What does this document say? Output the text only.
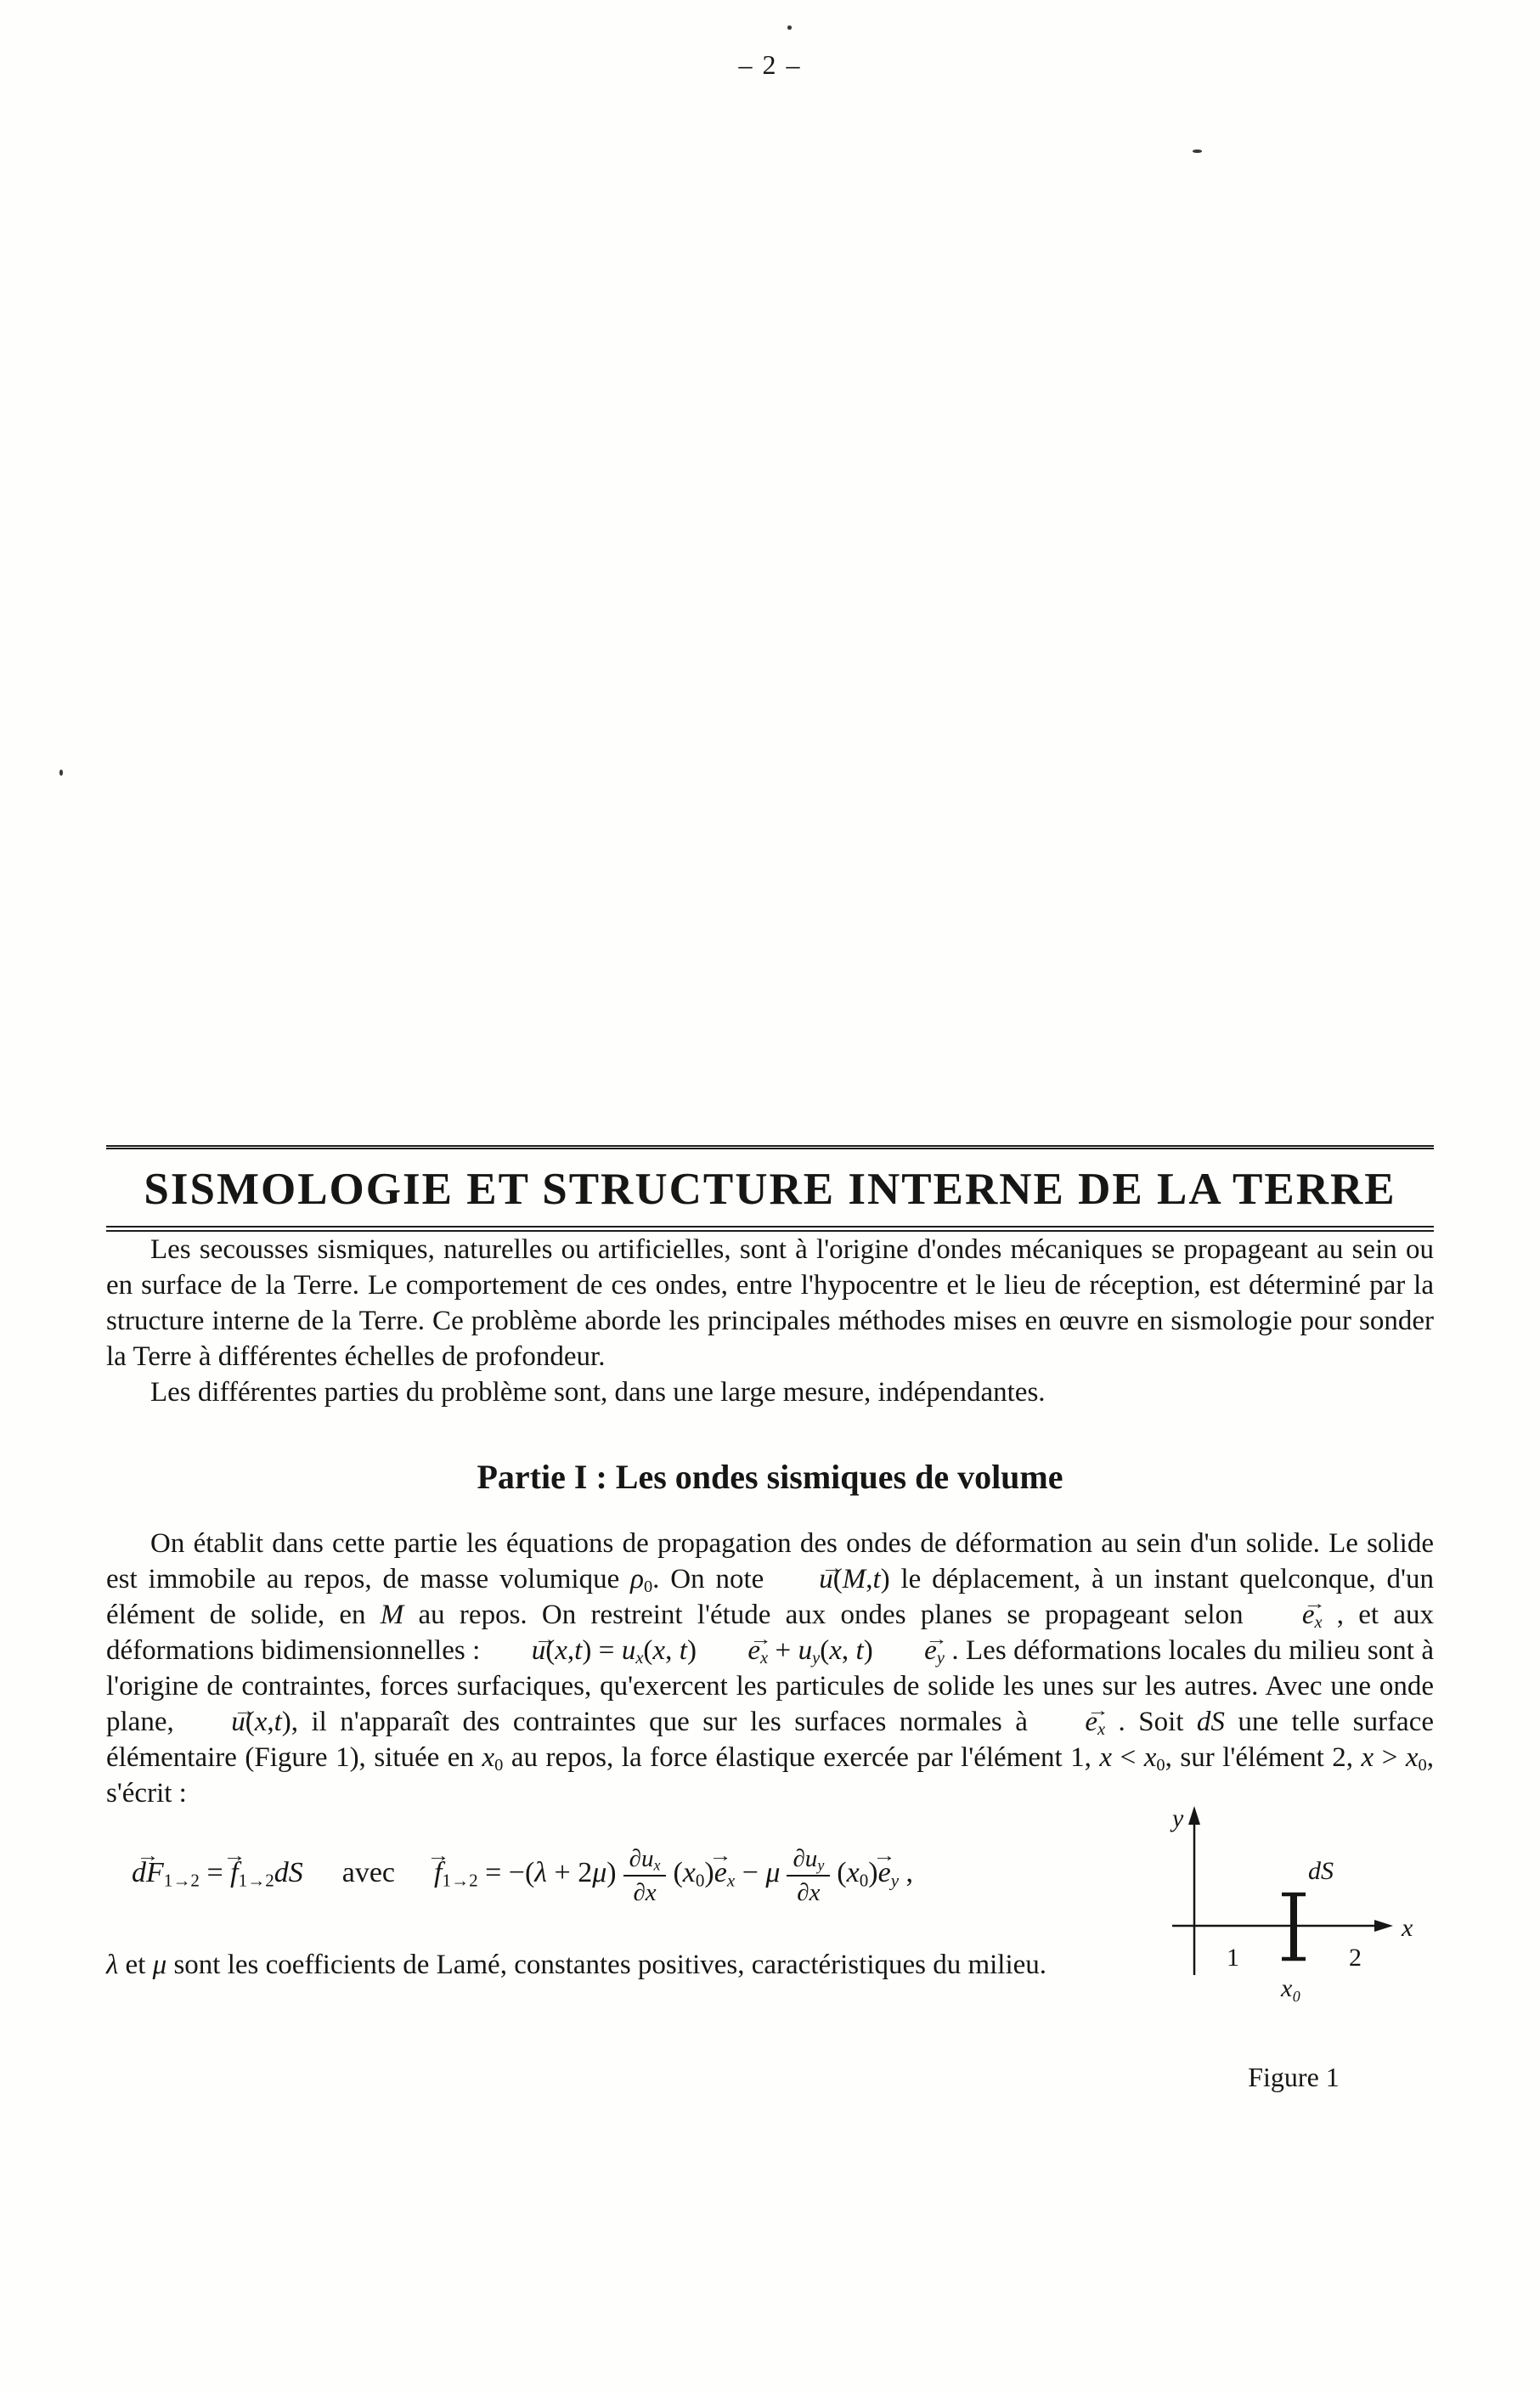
– 2 –
SISMOLOGIE ET STRUCTURE INTERNE DE LA TERRE

Les secousses sismiques, naturelles ou artificielles, sont à l'origine d'ondes mécaniques se propageant au sein ou en surface de la Terre. Le comportement de ces ondes, entre l'hypocentre et le lieu de réception, est déterminé par la structure interne de la Terre. Ce problème aborde les principales méthodes mises en œuvre en sismologie pour sonder la Terre à différentes échelles de profondeur.

Les différentes parties du problème sont, dans une large mesure, indépendantes.

Partie I : Les ondes sismiques de volume

On établit dans cette partie les équations de propagation des ondes de déformation au sein d'un solide. Le solide est immobile au repos, de masse volumique $\rho_0$. On note u →(M,t) le déplacement, à un instant quelconque, d'un élément de solide, en M au repos. On restreint l'étude aux ondes planes se propageant selon $e \to_x$ , et aux déformations bidimensionnelles : $u \to(x,t) = u_x(x$, t) $e \to_x + u_y(x$, t) $e \to_y$ . Les déformations locales du milieu sont à l'origine de contraintes, forces surfaciques, qu'exercent les particules de solide les unes sur les autres. Avec une onde plane, u →(x,t), il n'apparaît des contraintes que sur les surfaces normales à $e \to_x$ . Soit dS une telle surface élémentaire (Figure 1), située en $x_0$ au repos, la force élastique exercée par l'élément 1, $x < x_0$, sur l'élément 2, $x > x_0$, s'écrit :

dF $\to_{1\to 2} = f \to_{1\to 2}dS$ avec $f \to_{1\to 2} = -(\lambda + 2\mu) \frac{\partial u_x}{\partial x} (x_0)e \to_x - \mu \frac{\partial u_y}{\partial x} (x_0)e \to_y$ ,

λ et μ sont les coefficients de Lamé, constantes positives, caractéristiques du milieu.

y
x
dS
1	2
x₀
Figure 1
